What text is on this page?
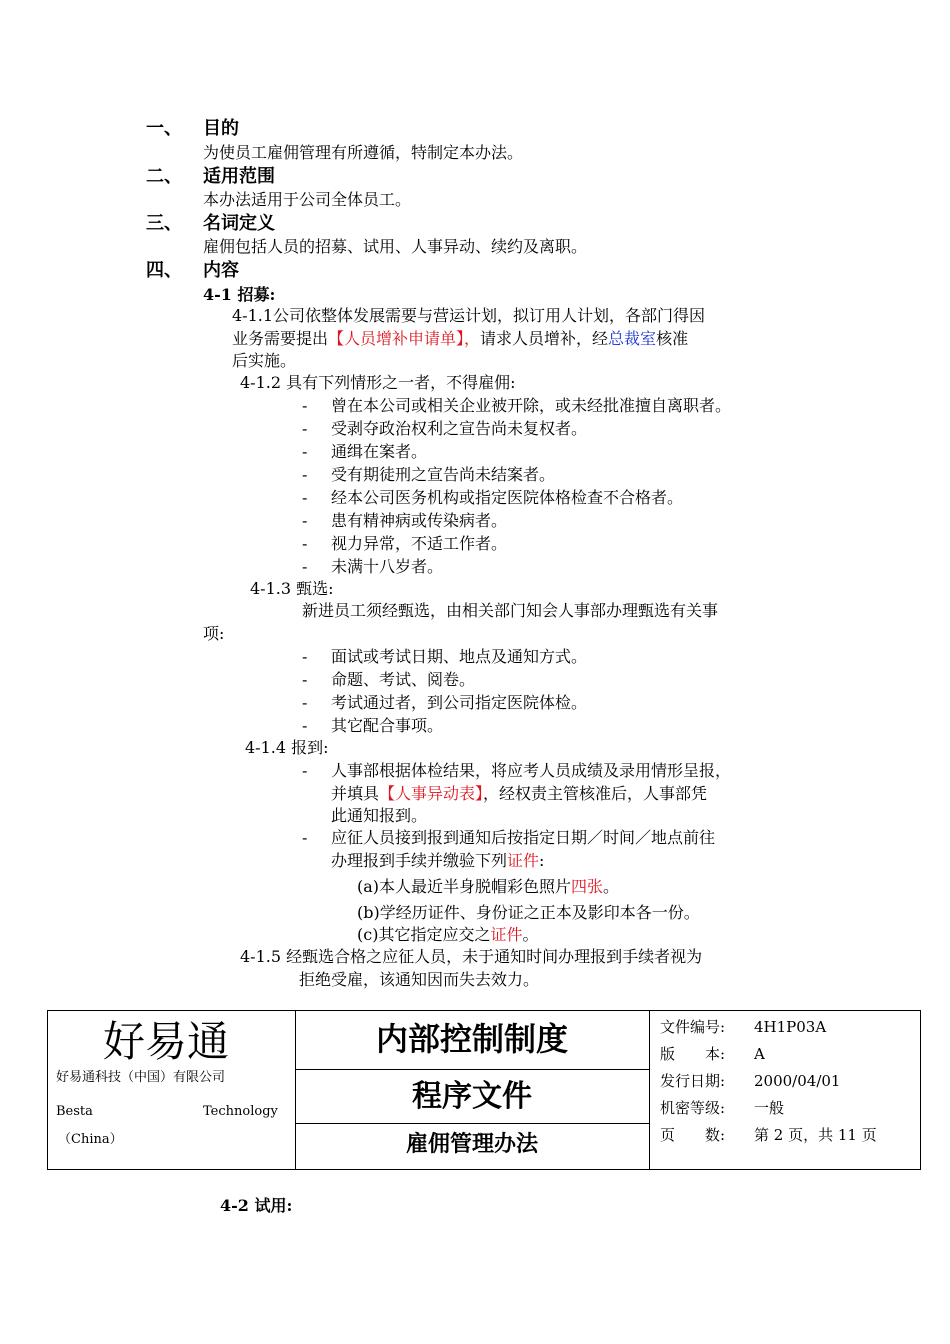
一、 目的
为使员工雇佣管理有所遵循，特制定本办法。
二、 适用范围
本办法适用于公司全体员工。
三、 名词定义
雇佣包括人员的招募、试用、人事异动、续约及离职。
四、 内容
4-1 招募:
4-1.1公司依整体发展需要与营运计划，拟订用人计划，各部门得因
业务需要提出【人员增补申请单】，请求人员增补，经总裁室核准
后实施。
4-1.2 具有下列情形之一者，不得雇佣:
- 曾在本公司或相关企业被开除，或未经批准擅自离职者。
- 受剥夺政治权利之宣告尚未复权者。
- 通缉在案者。
- 受有期徒刑之宣告尚未结案者。
- 经本公司医务机构或指定医院体格检查不合格者。
- 患有精神病或传染病者。
- 视力异常，不适工作者。
- 未满十八岁者。
4-1.3 甄选:
新进员工须经甄选，由相关部门知会人事部办理甄选有关事
项:
- 面试或考试日期、地点及通知方式。
- 命题、考试、阅卷。
- 考试通过者，到公司指定医院体检。
- 其它配合事项。
4-1.4 报到:
- 人事部根据体检结果，将应考人员成绩及录用情形呈报，
并填具【人事异动表】，经权责主管核准后，人事部凭
此通知报到。
- 应征人员接到报到通知后按指定日期／时间／地点前往
办理报到手续并缴验下列证件:
(a)本人最近半身脱帽彩色照片四张。
(b)学经历证件、身份证之正本及影印本各一份。
(c)其它指定应交之证件。
4-1.5 经甄选合格之应征人员，未于通知时间办理报到手续者视为
拒绝受雇，该通知因而失去效力。
好易通
好易通科技（中国）有限公司
Besta	Technology
（China）
内部控制制度
程序文件
雇佣管理办法
文件编号: 4H1P03A
版　　本: A
发行日期: 2000/04/01
机密等级: 一般
页　　数: 第 2 页，共 11 页
4-2 试用:
